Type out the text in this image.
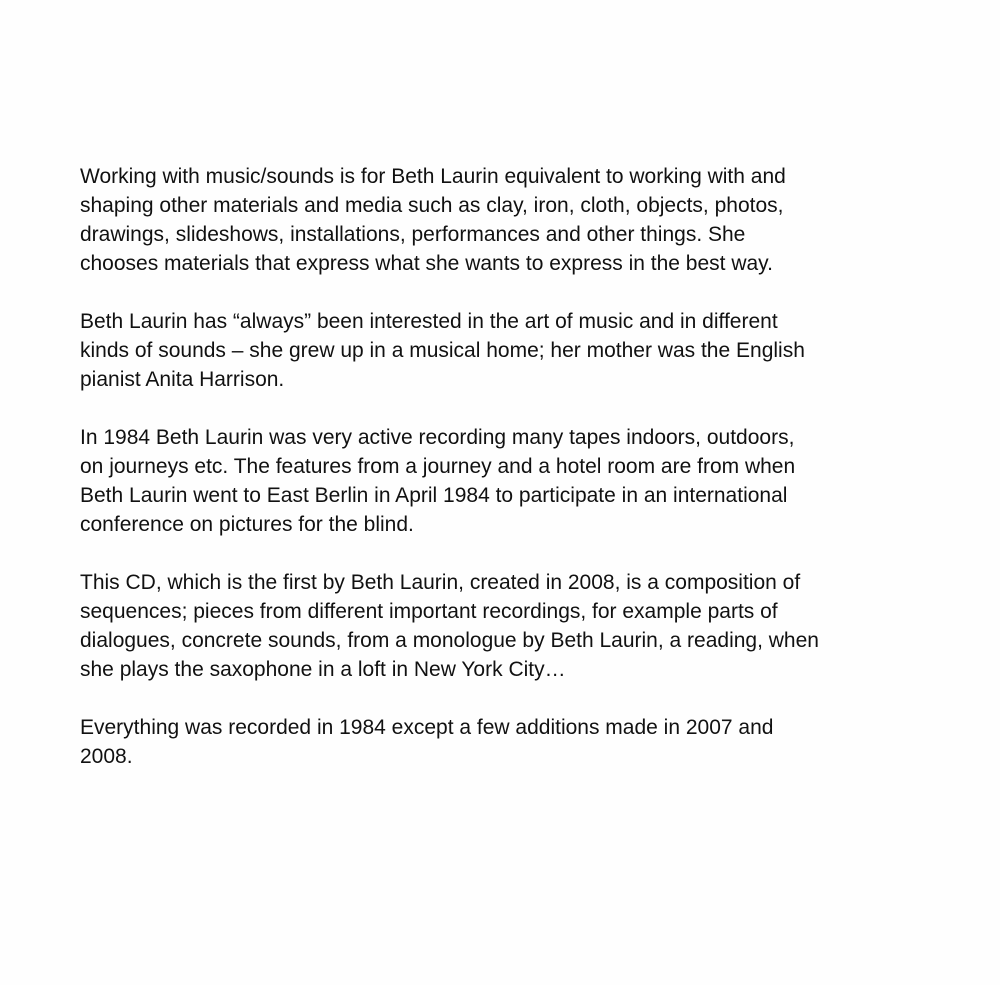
Working with music/sounds is for Beth Laurin equivalent to working with and
shaping other materials and media such as clay, iron, cloth, objects, photos,
drawings, slideshows, installations, performances and other things. She
chooses materials that express what she wants to express in the best way.

Beth Laurin has “always” been interested in the art of music and in different
kinds of sounds – she grew up in a musical home; her mother was the English
pianist Anita Harrison.

In 1984 Beth Laurin was very active recording many tapes indoors, outdoors,
on journeys etc. The features from a journey and a hotel room are from when
Beth Laurin went to East Berlin in April 1984 to participate in an international
conference on pictures for the blind.

This CD, which is the first by Beth Laurin, created in 2008, is a composition of
sequences; pieces from different important recordings, for example parts of
dialogues, concrete sounds, from a monologue by Beth Laurin, a reading, when
she plays the saxophone in a loft in New York City…

Everything was recorded in 1984 except a few additions made in 2007 and
2008.
